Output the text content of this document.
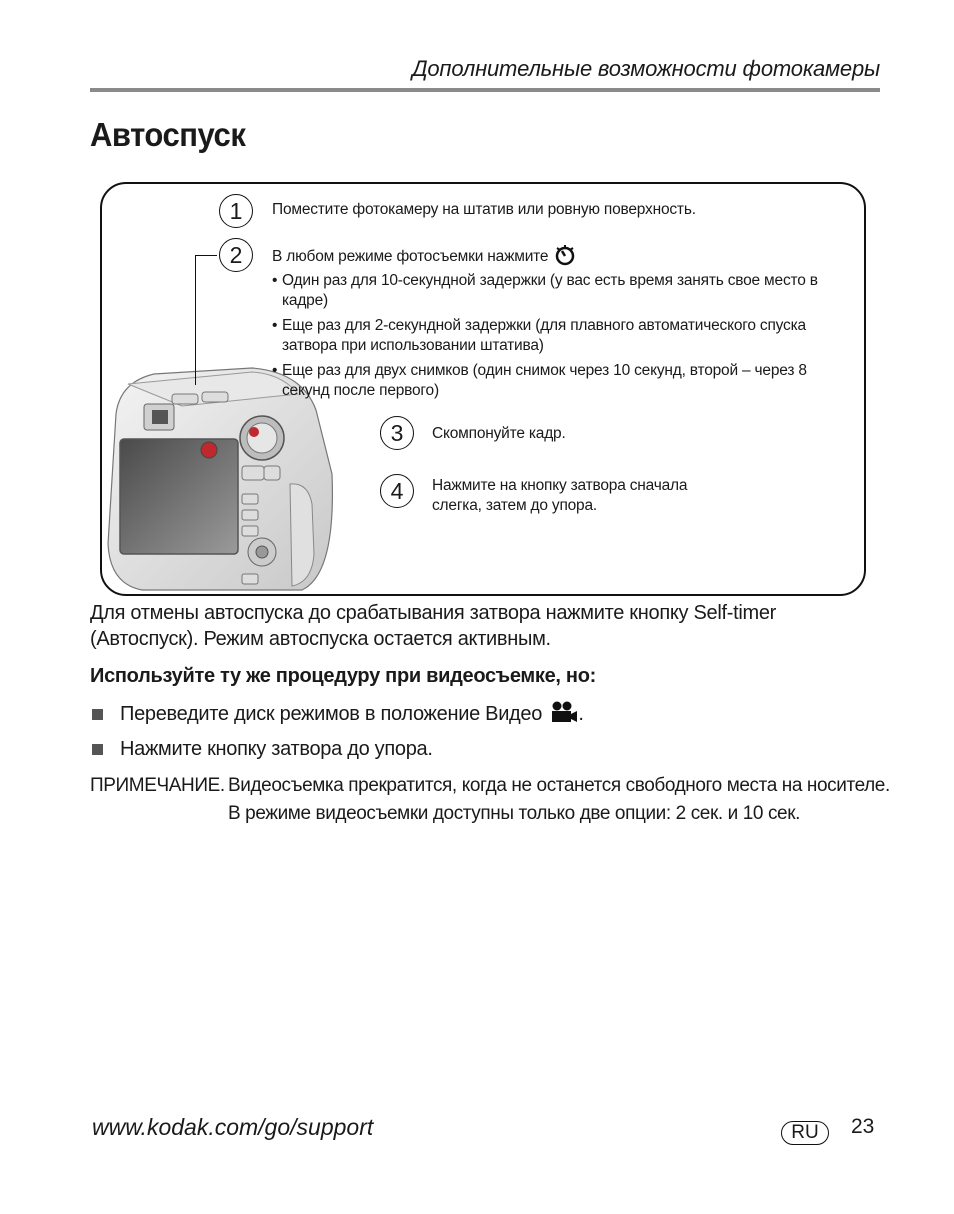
Дополнительные возможности фотокамеры
Автоспуск
1	Поместите фотокамеру на штатив или ровную поверхность.
2	В любом режиме фотосъемки нажмите
• Один раз для 10-секундной задержки (у вас есть время занять свое место в кадре)
• Еще раз для 2-секундной задержки (для плавного автоматического спуска затвора при использовании штатива)
• Еще раз для двух снимков (один снимок через 10 секунд, второй – через 8 секунд после первого)
3	Скомпонуйте кадр.
4	Нажмите на кнопку затвора сначала
слегка, затем до упора.
Для отмены автоспуска до срабатывания затвора нажмите кнопку Self-timer
(Автоспуск). Режим автоспуска остается активным.
Используйте ту же процедуру при видеосъемке, но:
Переведите диск режимов в положение Видео .
Нажмите кнопку затвора до упора.
ПРИМЕЧАНИЕ. Видеосъемка прекратится, когда не останется свободного места на носителе.
В режиме видеосъемки доступны только две опции: 2 сек. и 10 сек.
www.kodak.com/go/support	RU	23
